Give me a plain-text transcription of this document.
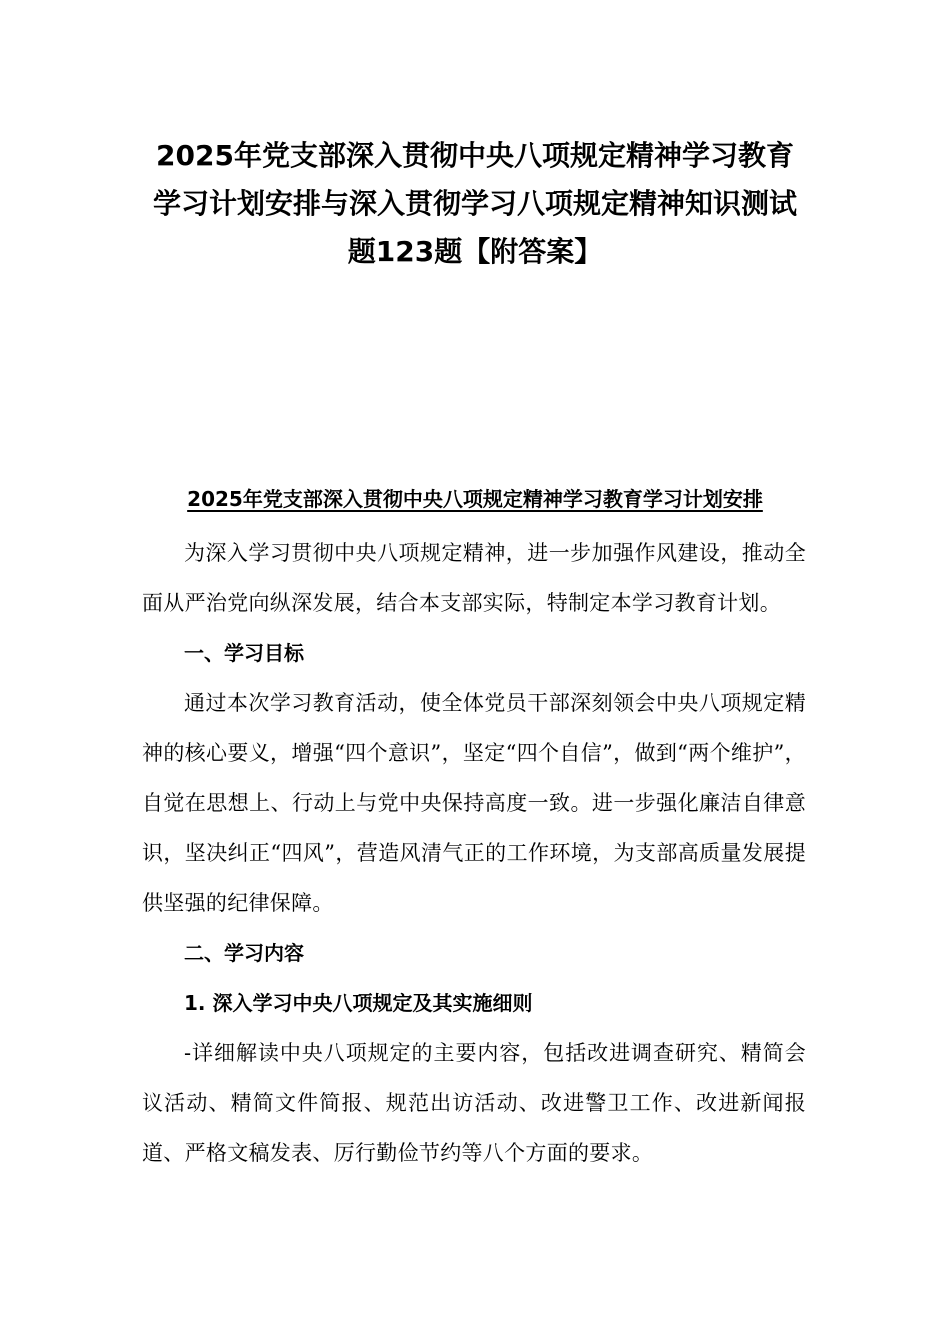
2025年党支部深入贯彻中央八项规定精神学习教育
学习计划安排与深入贯彻学习八项规定精神知识测试
题123题【附答案】
2025年党支部深入贯彻中央八项规定精神学习教育学习计划安排

为深入学习贯彻中央八项规定精神，进一步加强作风建设，推动全面从严治党向纵深发展，结合本支部实际，特制定本学习教育计划。

一、学习目标

通过本次学习教育活动，使全体党员干部深刻领会中央八项规定精神的核心要义，增强“四个意识”，坚定“四个自信”，做到“两个维护”，自觉在思想上、行动上与党中央保持高度一致。进一步强化廉洁自律意识，坚决纠正“四风”，营造风清气正的工作环境，为支部高质量发展提供坚强的纪律保障。

二、学习内容

1. 深入学习中央八项规定及其实施细则

-详细解读中央八项规定的主要内容，包括改进调查研究、精简会议活动、精简文件简报、规范出访活动、改进警卫工作、改进新闻报道、严格文稿发表、厉行勤俭节约等八个方面的要求。
